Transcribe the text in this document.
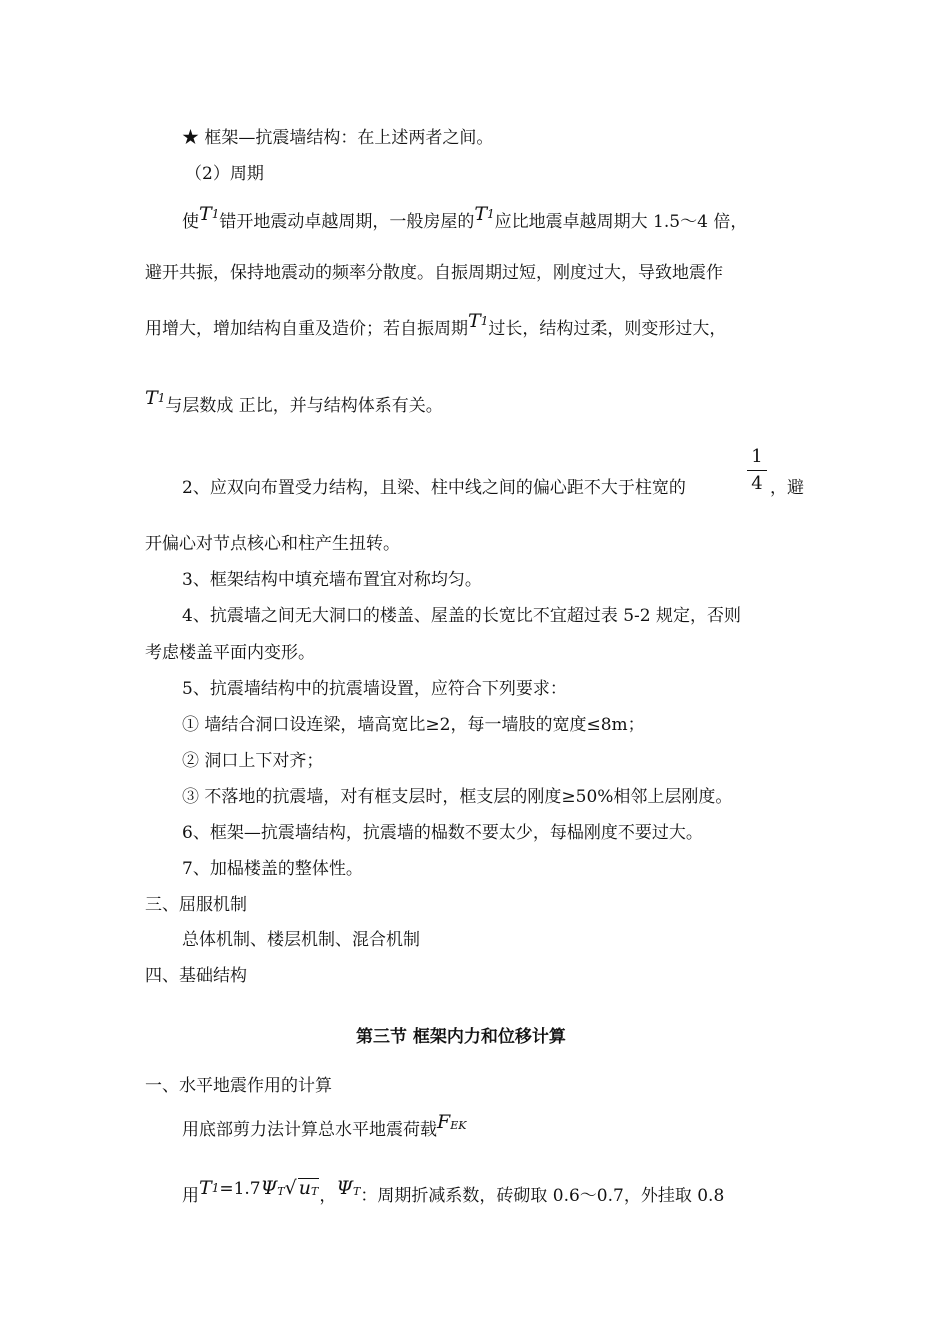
★ 框架—抗震墙结构：在上述两者之间。
（2）周期
使T1错开地震动卓越周期，一般房屋的T1应比地震卓越周期大 1.5～4 倍，
避开共振，保持地震动的频率分散度。自振周期过短，刚度过大，导致地震作
用增大，增加结构自重及造价；若自振周期T1过长，结构过柔，则变形过大，
T1与层数成 正比，并与结构体系有关。
1
4
2、应双向布置受力结构，且梁、柱中线之间的偏心距不大于柱宽的	，避
开偏心对节点核心和柱产生扭转。
3、框架结构中填充墙布置宜对称均匀。
4、抗震墙之间无大洞口的楼盖、屋盖的长宽比不宜超过表 5-2 规定，否则
考虑楼盖平面内变形。
5、抗震墙结构中的抗震墙设置，应符合下列要求：
① 墙结合洞口设连梁，墙高宽比≥2，每一墙肢的宽度≤8m；
② 洞口上下对齐；
③ 不落地的抗震墙，对有框支层时，框支层的刚度≥50%相邻上层刚度。
6、框架—抗震墙结构，抗震墙的榀数不要太少，每榀刚度不要过大。
7、加榀楼盖的整体性。
三、屈服机制
总体机制、楼层机制、混合机制
四、基础结构
第三节 框架内力和位移计算
一、水平地震作用的计算
用底部剪力法计算总水平地震荷载FEK
用T1=1.7ΨT√ uT，ΨT：周期折减系数，砖砌取 0.6～0.7，外挂取 0.8
